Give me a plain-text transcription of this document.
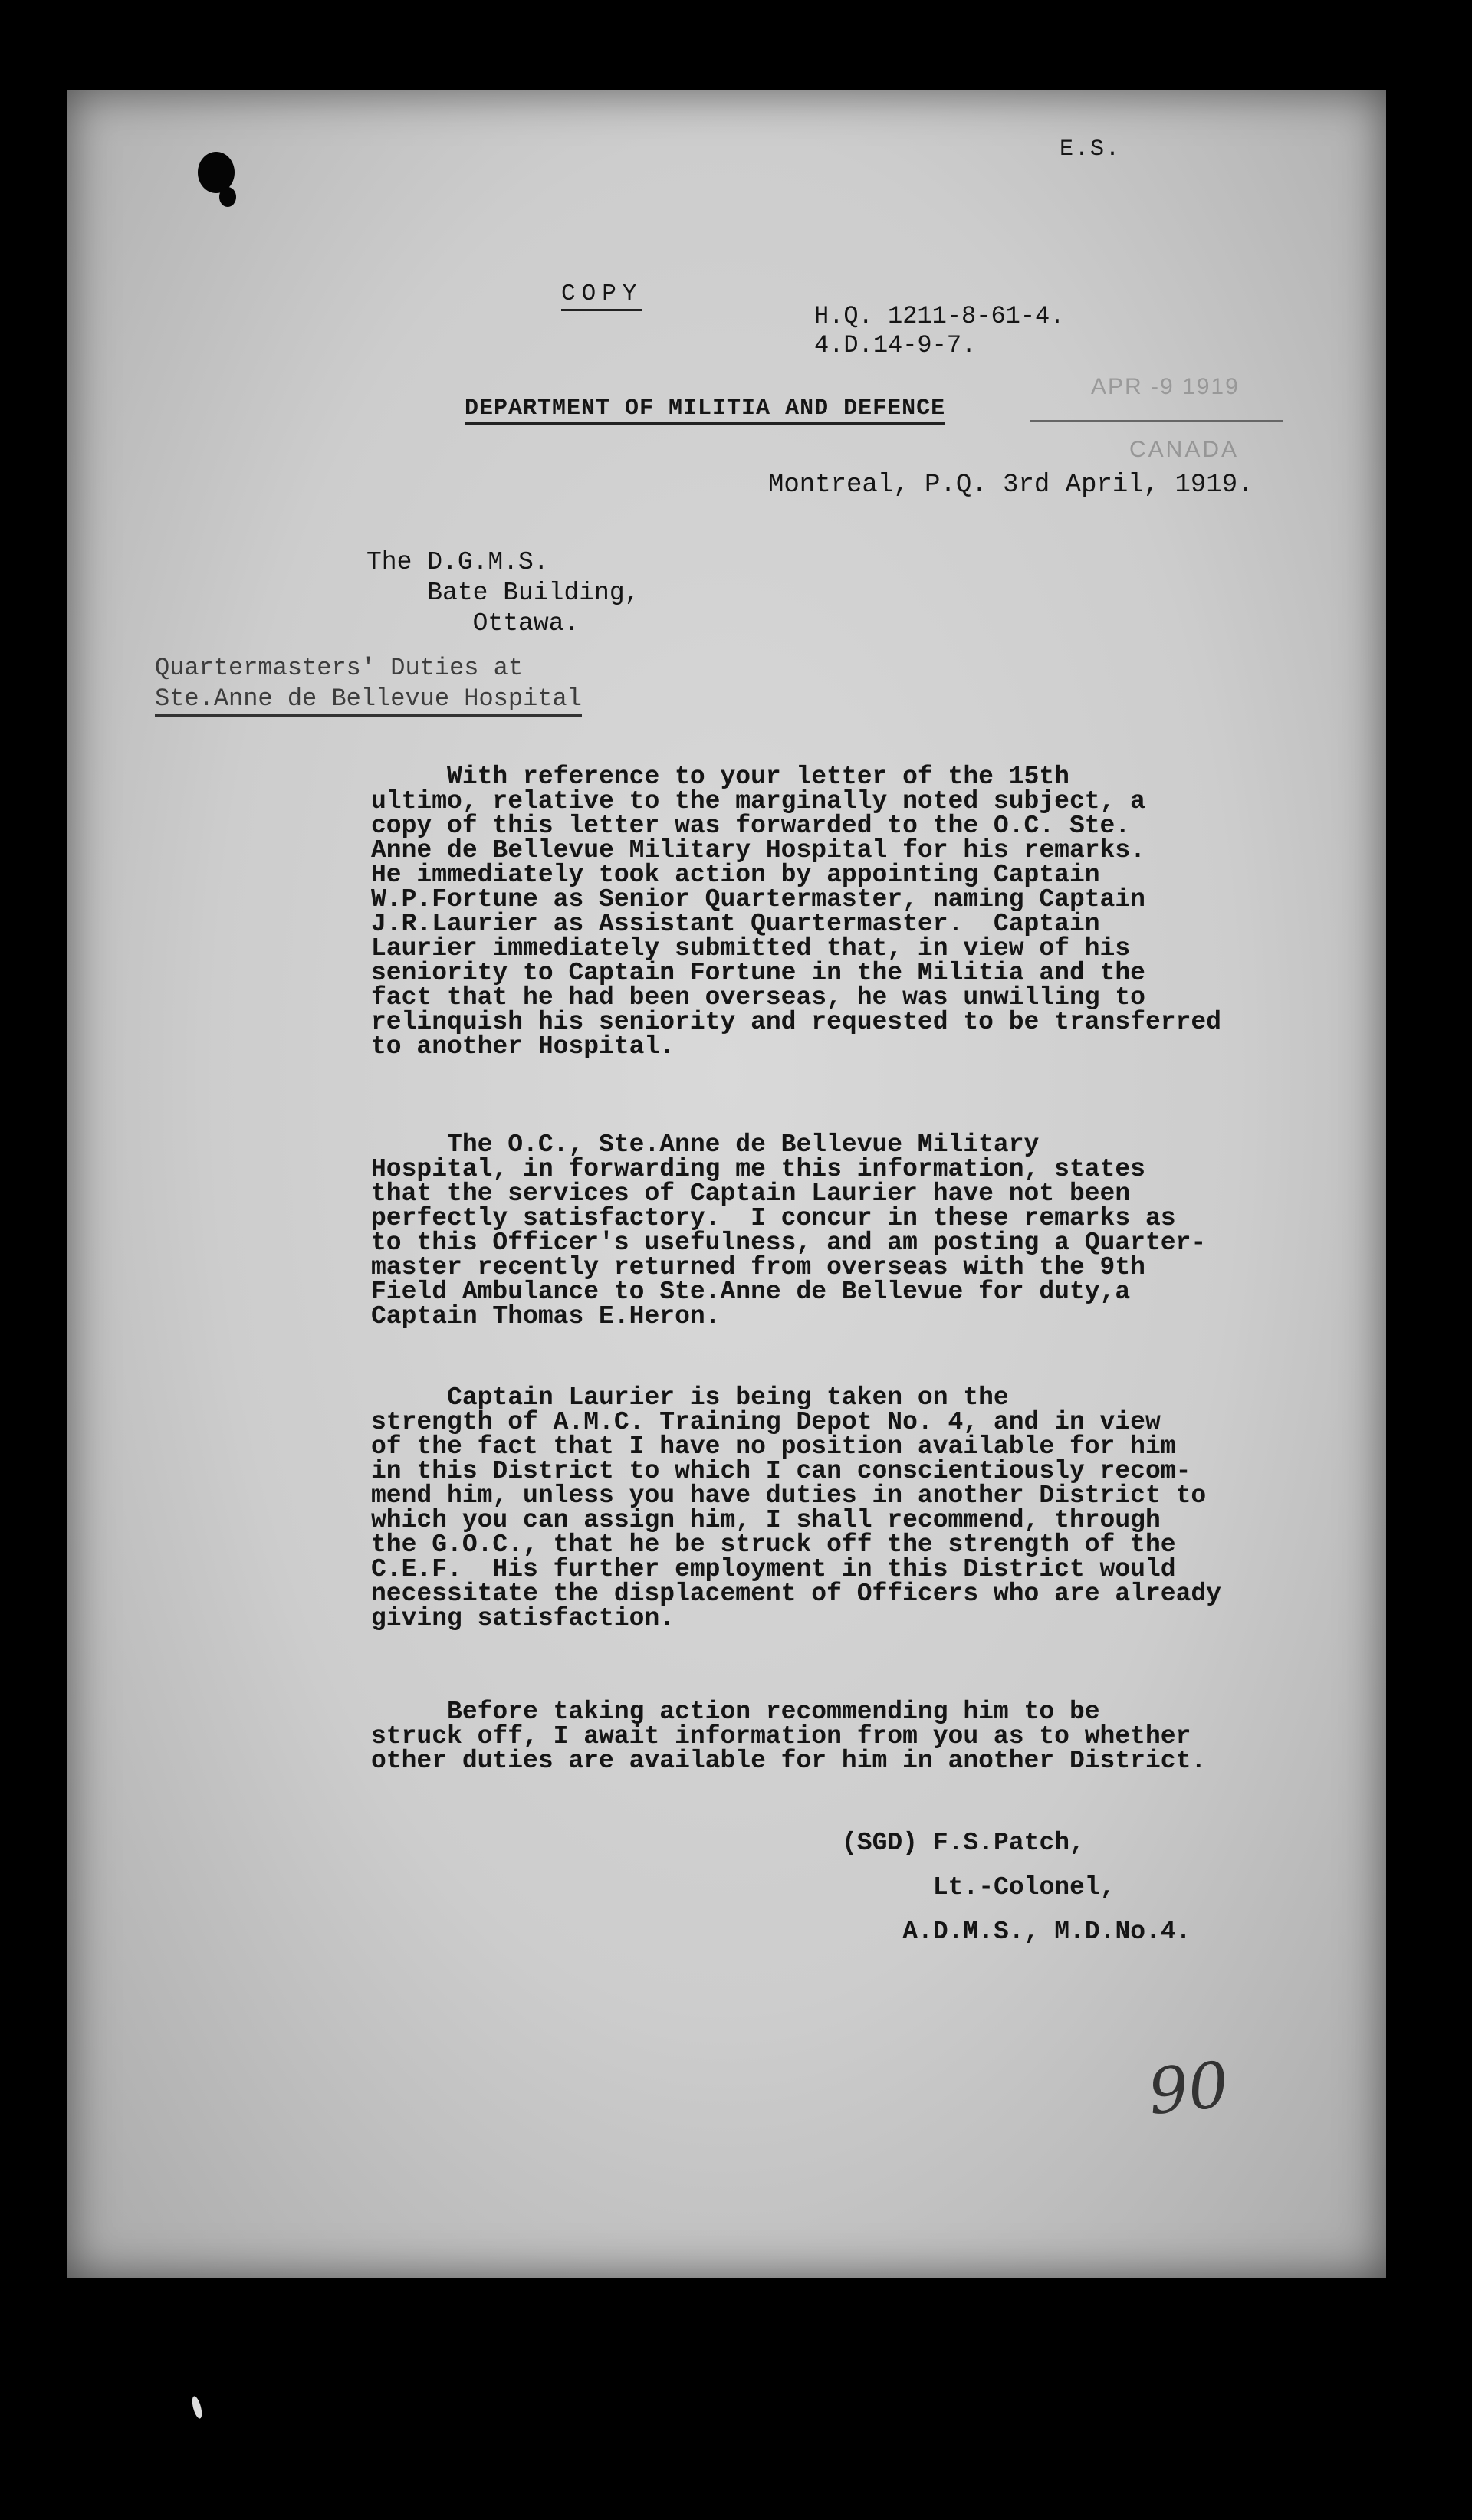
E.S.
COPY
H.Q. 1211-8-61-4.
4.D.14-9-7.
APR -9 1919
CANADA
DEPARTMENT OF MILITIA AND DEFENCE
Montreal, P.Q. 3rd April, 1919.
The D.G.M.S.
Bate Building,
Ottawa.
Quartermasters' Duties at
Ste.Anne de Bellevue Hospital
With reference to your letter of the 15th
ultimo, relative to the marginally noted subject, a
copy of this letter was forwarded to the O.C. Ste.
Anne de Bellevue Military Hospital for his remarks.
He immediately took action by appointing Captain
W.P.Fortune as Senior Quartermaster, naming Captain
J.R.Laurier as Assistant Quartermaster.  Captain
Laurier immediately submitted that, in view of his
seniority to Captain Fortune in the Militia and the
fact that he had been overseas, he was unwilling to
relinquish his seniority and requested to be transferred
to another Hospital.
The O.C., Ste.Anne de Bellevue Military
Hospital, in forwarding me this information, states
that the services of Captain Laurier have not been
perfectly satisfactory.  I concur in these remarks as
to this Officer's usefulness, and am posting a Quarter-
master recently returned from overseas with the 9th
Field Ambulance to Ste.Anne de Bellevue for duty,a
Captain Thomas E.Heron.
Captain Laurier is being taken on the
strength of A.M.C. Training Depot No. 4, and in view
of the fact that I have no position available for him
in this District to which I can conscientiously recom-
mend him, unless you have duties in another District to
which you can assign him, I shall recommend, through
the G.O.C., that he be struck off the strength of the
C.E.F.  His further employment in this District would
necessitate the displacement of Officers who are already
giving satisfaction.
Before taking action recommending him to be
struck off, I await information from you as to whether
other duties are available for him in another District.
(SGD) F.S.Patch,
Lt.-Colonel,
A.D.M.S., M.D.No.4.
90
